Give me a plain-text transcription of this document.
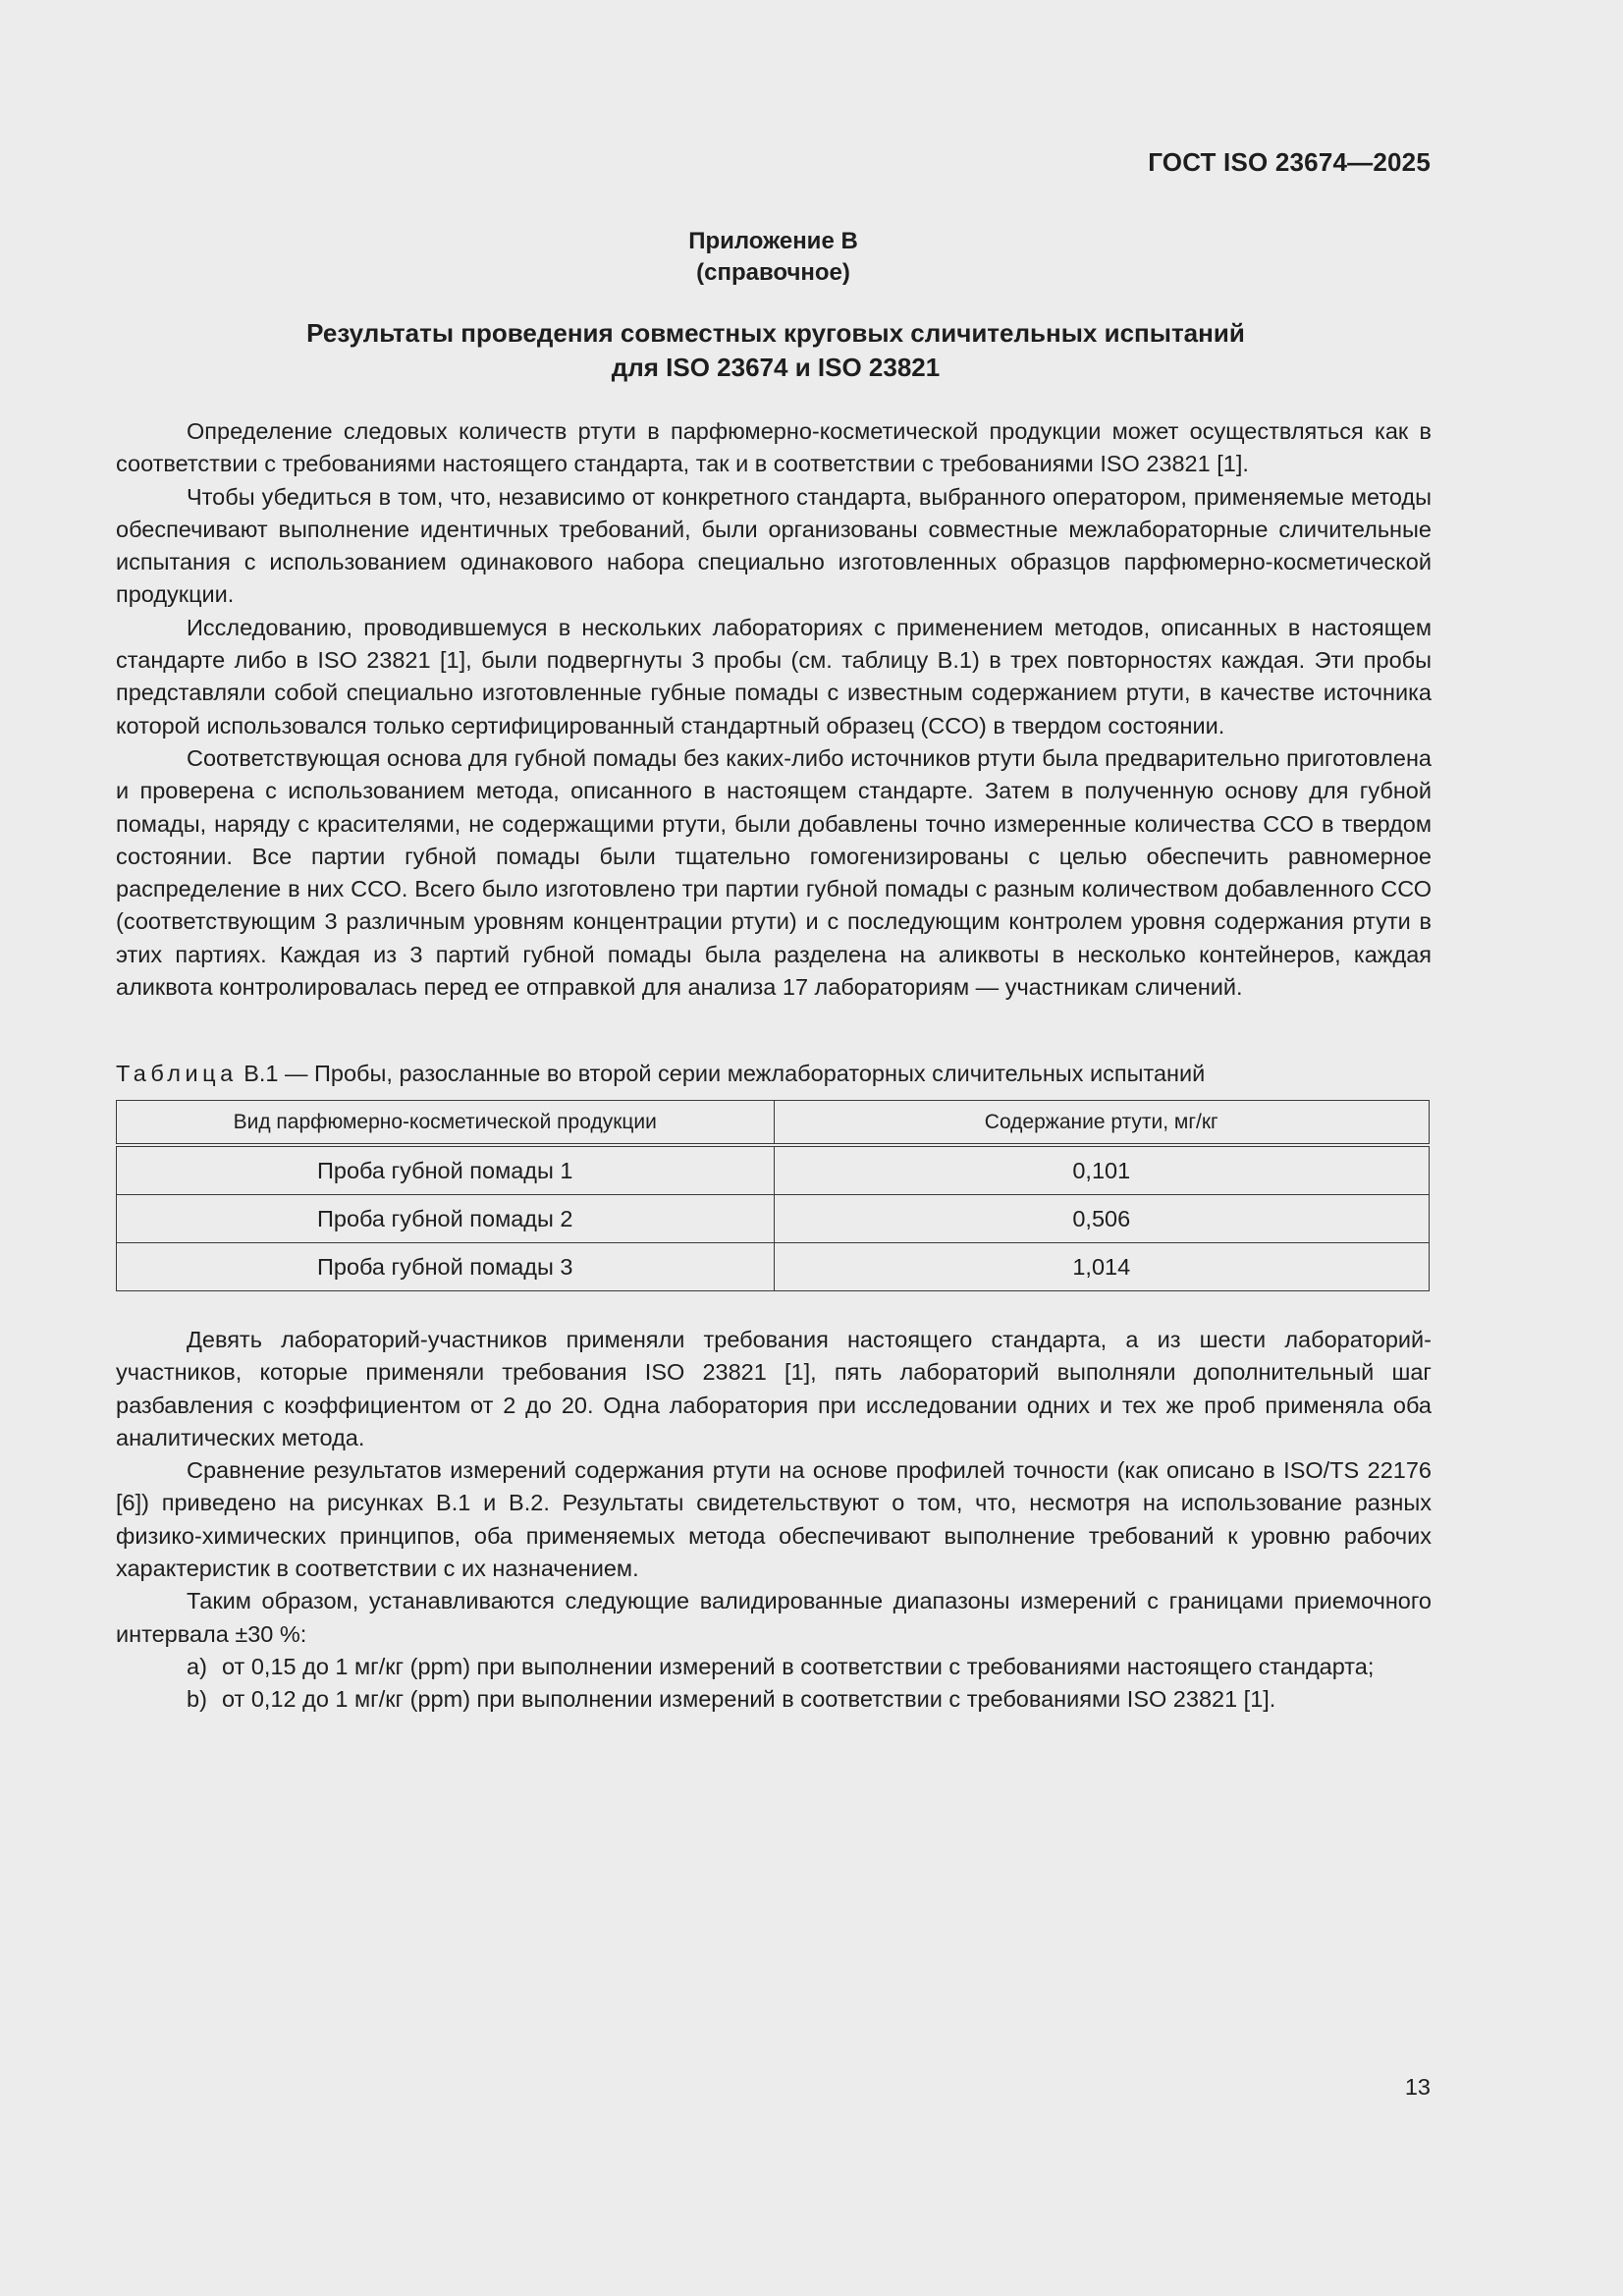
ГОСТ ISO 23674—2025
Приложение В
(справочное)
Результаты проведения совместных круговых сличительных испытаний
для ISO 23674 и ISO 23821

Определение следовых количеств ртути в парфюмерно-косметической продукции может осуществляться как в соответствии с требованиями настоящего стандарта, так и в соответствии с требованиями ISO 23821 [1].

Чтобы убедиться в том, что, независимо от конкретного стандарта, выбранного оператором, применяемые методы обеспечивают выполнение идентичных требований, были организованы совместные межлабораторные сличительные испытания с использованием одинакового набора специально изготовленных образцов парфюмерно-косметической продукции.

Исследованию, проводившемуся в нескольких лабораториях с применением методов, описанных в настоящем стандарте либо в ISO 23821 [1], были подвергнуты 3 пробы (см. таблицу В.1) в трех повторностях каждая. Эти пробы представляли собой специально изготовленные губные помады с известным содержанием ртути, в качестве источника которой использовался только сертифицированный стандартный образец (ССО) в твердом состоянии.

Соответствующая основа для губной помады без каких-либо источников ртути была предварительно приготовлена и проверена с использованием метода, описанного в настоящем стандарте. Затем в полученную основу для губной помады, наряду с красителями, не содержащими ртути, были добавлены точно измеренные количества ССО в твердом состоянии. Все партии губной помады были тщательно гомогенизированы с целью обеспечить равномерное распределение в них ССО. Всего было изготовлено три партии губной помады с разным количеством добавленного ССО (соответствующим 3 различным уровням концентрации ртути) и с последующим контролем уровня содержания ртути в этих партиях. Каждая из 3 партий губной помады была разделена на аликвоты в несколько контейнеров, каждая аликвота контролировалась перед ее отправкой для анализа 17 лабораториям — участникам сличений.

Таблица В.1 — Пробы, разосланные во второй серии межлабораторных сличительных испытаний
Вид парфюмерно-косметической продукции	Содержание ртути, мг/кг
Проба губной помады 1	0,101
Проба губной помады 2	0,506
Проба губной помады 3	1,014

Девять лабораторий-участников применяли требования настоящего стандарта, а из шести лабораторий-участников, которые применяли требования ISO 23821 [1], пять лабораторий выполняли дополнительный шаг разбавления с коэффициентом от 2 до 20. Одна лаборатория при исследовании одних и тех же проб применяла оба аналитических метода.

Сравнение результатов измерений содержания ртути на основе профилей точности (как описано в ISO/TS 22176 [6]) приведено на рисунках В.1 и В.2. Результаты свидетельствуют о том, что, несмотря на использование разных физико-химических принципов, оба применяемых метода обеспечивают выполнение требований к уровню рабочих характеристик в соответствии с их назначением.

Таким образом, устанавливаются следующие валидированные диапазоны измерений с границами приемочного интервала ±30 %:

a) от 0,15 до 1 мг/кг (ppm) при выполнении измерений в соответствии с требованиями настоящего стандарта;
b) от 0,12 до 1 мг/кг (ppm) при выполнении измерений в соответствии с требованиями ISO 23821 [1].
13
